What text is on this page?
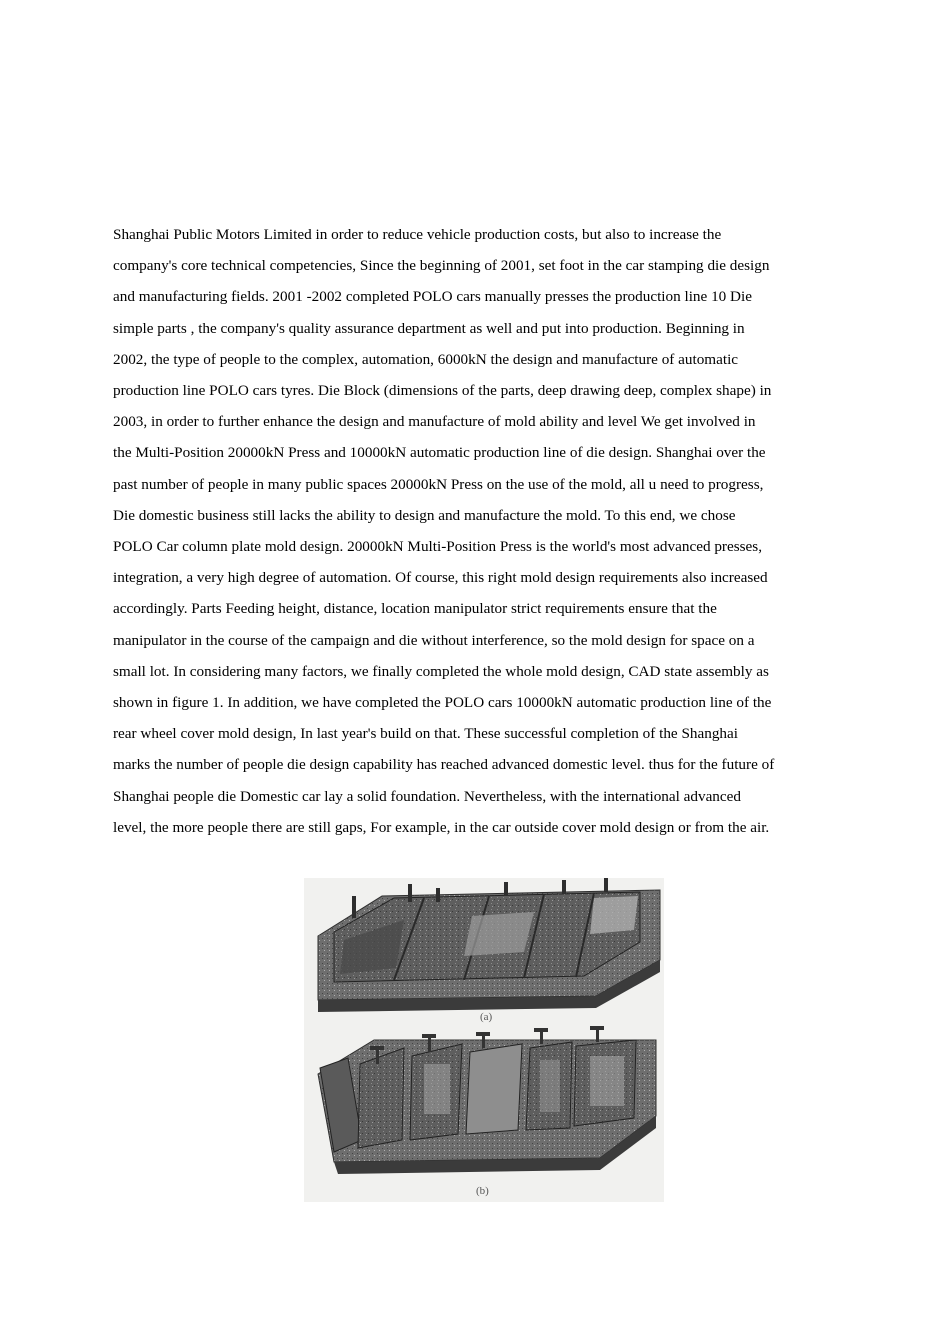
Shanghai Public Motors Limited in order to reduce vehicle production costs, but also to increase the
company's core technical competencies, Since the beginning of 2001, set foot in the car stamping die design
and manufacturing fields. 2001 -2002 completed POLO cars manually presses the production line 10 Die
simple parts , the company's quality assurance department as well and put into production. Beginning in
2002, the type of people to the complex, automation, 6000kN the design and manufacture of automatic
production line POLO cars tyres. Die Block (dimensions of the parts, deep drawing deep, complex shape) in
2003, in order to further enhance the design and manufacture of mold ability and level We get involved in
the Multi-Position 20000kN Press and 10000kN automatic production line of die design. Shanghai over the
past number of people in many public spaces 20000kN Press on the use of the mold, all u need to progress,
Die domestic business still lacks the ability to design and manufacture the mold. To this end, we chose
POLO Car column plate mold design. 20000kN Multi-Position Press is the world's most advanced presses,
integration, a very high degree of automation. Of course, this right mold design requirements also increased
accordingly. Parts Feeding height, distance, location manipulator strict requirements ensure that the
manipulator in the course of the campaign and die without interference, so the mold design for space on a
small lot. In considering many factors, we finally completed the whole mold design, CAD state assembly as
shown in figure 1. In addition, we have completed the POLO cars 10000kN automatic production line of the
rear wheel cover mold design, In last year's build on that. These successful completion of the Shanghai
marks the number of people die design capability has reached advanced domestic level. thus for the future of
Shanghai people die Domestic car lay a solid foundation. Nevertheless, with the international advanced
level, the more people there are still gaps, For example, in the car outside cover mold design or from the air.

(a)
(b)
